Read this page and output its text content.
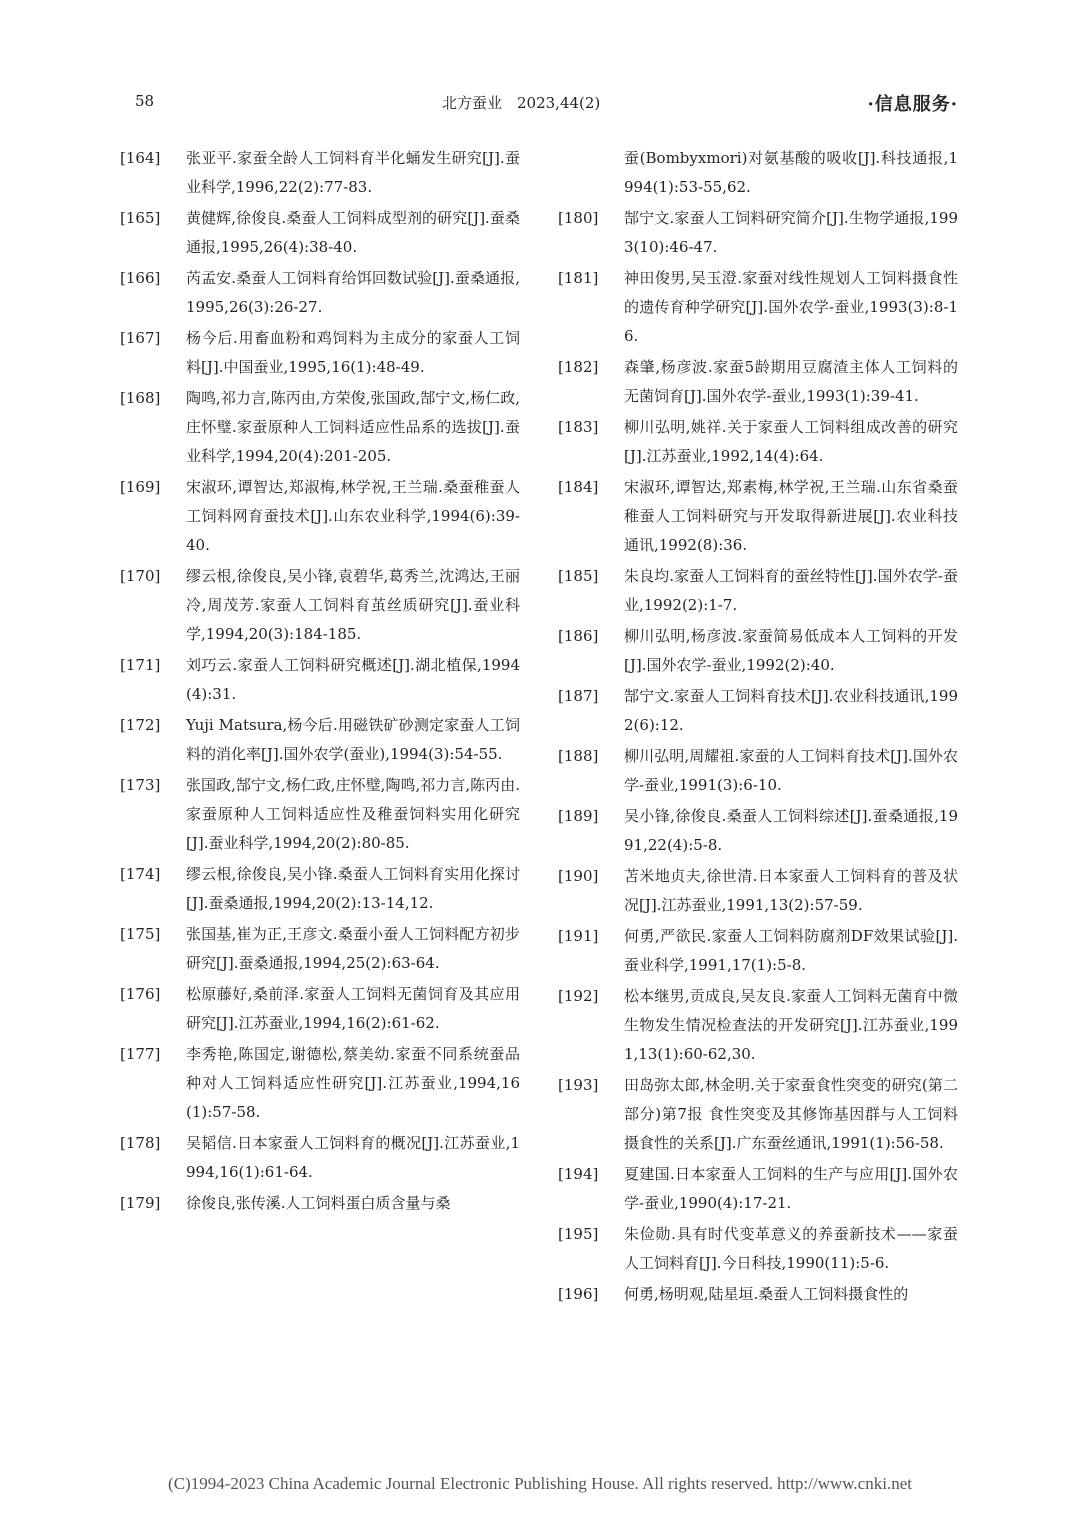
58	北方蚕业　2023,44(2)	·信息服务·
[164]	张亚平.家蚕全龄人工饲料育半化蛹发生研究[J].蚕业科学,1996,22(2):77-83.
[165]	黄健辉,徐俊良.桑蚕人工饲料成型剂的研究[J].蚕桑通报,1995,26(4):38-40.
[166]	芮孟安.桑蚕人工饲料育给饵回数试验[J].蚕桑通报,1995,26(3):26-27.
[167]	杨今后.用畜血粉和鸡饲料为主成分的家蚕人工饲料[J].中国蚕业,1995,16(1):48-49.
[168]	陶鸣,祁力言,陈丙由,方荣俊,张国政,郜宁文,杨仁政,庄怀璧.家蚕原种人工饲料适应性品系的选拔[J].蚕业科学,1994,20(4):201-205.
[169]	宋淑环,谭智达,郑淑梅,林学祝,王兰瑞.桑蚕稚蚕人工饲料网育蚕技术[J].山东农业科学,1994(6):39-40.
[170]	缪云根,徐俊良,吴小锋,袁碧华,葛秀兰,沈鸿达,王丽冷,周茂芳.家蚕人工饲料育茧丝质研究[J].蚕业科学,1994,20(3):184-185.
[171]	刘巧云.家蚕人工饲料研究概述[J].湖北植保,1994(4):31.
[172]	Yuji Matsura,杨今后.用磁铁矿砂测定家蚕人工饲料的消化率[J].国外农学(蚕业),1994(3):54-55.
[173]	张国政,郜宁文,杨仁政,庄怀璧,陶鸣,祁力言,陈丙由.家蚕原种人工饲料适应性及稚蚕饲料实用化研究[J].蚕业科学,1994,20(2):80-85.
[174]	缪云根,徐俊良,吴小锋.桑蚕人工饲料育实用化探讨[J].蚕桑通报,1994,20(2):13-14,12.
[175]	张国基,崔为正,王彦文.桑蚕小蚕人工饲料配方初步研究[J].蚕桑通报,1994,25(2):63-64.
[176]	松原藤好,桑前泽.家蚕人工饲料无菌饲育及其应用研究[J].江苏蚕业,1994,16(2):61-62.
[177]	李秀艳,陈国定,谢德松,蔡美幼.家蚕不同系统蚕品种对人工饲料适应性研究[J].江苏蚕业,1994,16(1):57-58.
[178]	吴韬信.日本家蚕人工饲料育的概况[J].江苏蚕业,1994,16(1):61-64.
[179]	徐俊良,张传溪.人工饲料蛋白质含量与桑
蚕(Bombyxmori)对氨基酸的吸收[J].科技通报,1994(1):53-55,62.
[180]	郜宁文.家蚕人工饲料研究简介[J].生物学通报,1993(10):46-47.
[181]	神田俊男,吴玉澄.家蚕对线性规划人工饲料摄食性的遗传育种学研究[J].国外农学-蚕业,1993(3):8-16.
[182]	森肇,杨彦波.家蚕5龄期用豆腐渣主体人工饲料的无菌饲育[J].国外农学-蚕业,1993(1):39-41.
[183]	柳川弘明,姚祥.关于家蚕人工饲料组成改善的研究[J].江苏蚕业,1992,14(4):64.
[184]	宋淑环,谭智达,郑素梅,林学祝,王兰瑞.山东省桑蚕稚蚕人工饲料研究与开发取得新进展[J].农业科技通讯,1992(8):36.
[185]	朱良均.家蚕人工饲料育的蚕丝特性[J].国外农学-蚕业,1992(2):1-7.
[186]	柳川弘明,杨彦波.家蚕简易低成本人工饲料的开发[J].国外农学-蚕业,1992(2):40.
[187]	郜宁文.家蚕人工饲料育技术[J].农业科技通讯,1992(6):12.
[188]	柳川弘明,周耀祖.家蚕的人工饲料育技术[J].国外农学-蚕业,1991(3):6-10.
[189]	吴小锋,徐俊良.桑蚕人工饲料综述[J].蚕桑通报,1991,22(4):5-8.
[190]	苫米地贞夫,徐世清.日本家蚕人工饲料育的普及状况[J].江苏蚕业,1991,13(2):57-59.
[191]	何勇,严欲民.家蚕人工饲料防腐剂DF效果试验[J].蚕业科学,1991,17(1):5-8.
[192]	松本继男,贡成良,吴友良.家蚕人工饲料无菌育中微生物发生情况检查法的开发研究[J].江苏蚕业,1991,13(1):60-62,30.
[193]	田岛弥太郎,林金明.关于家蚕食性突变的研究(第二部分)第7报 食性突变及其修饰基因群与人工饲料摄食性的关系[J].广东蚕丝通讯,1991(1):56-58.
[194]	夏建国.日本家蚕人工饲料的生产与应用[J].国外农学-蚕业,1990(4):17-21.
[195]	朱俭勋.具有时代变革意义的养蚕新技术——家蚕人工饲料育[J].今日科技,1990(11):5-6.
[196]	何勇,杨明观,陆星垣.桑蚕人工饲料摄食性的
(C)1994-2023 China Academic Journal Electronic Publishing House. All rights reserved. http://www.cnki.net
